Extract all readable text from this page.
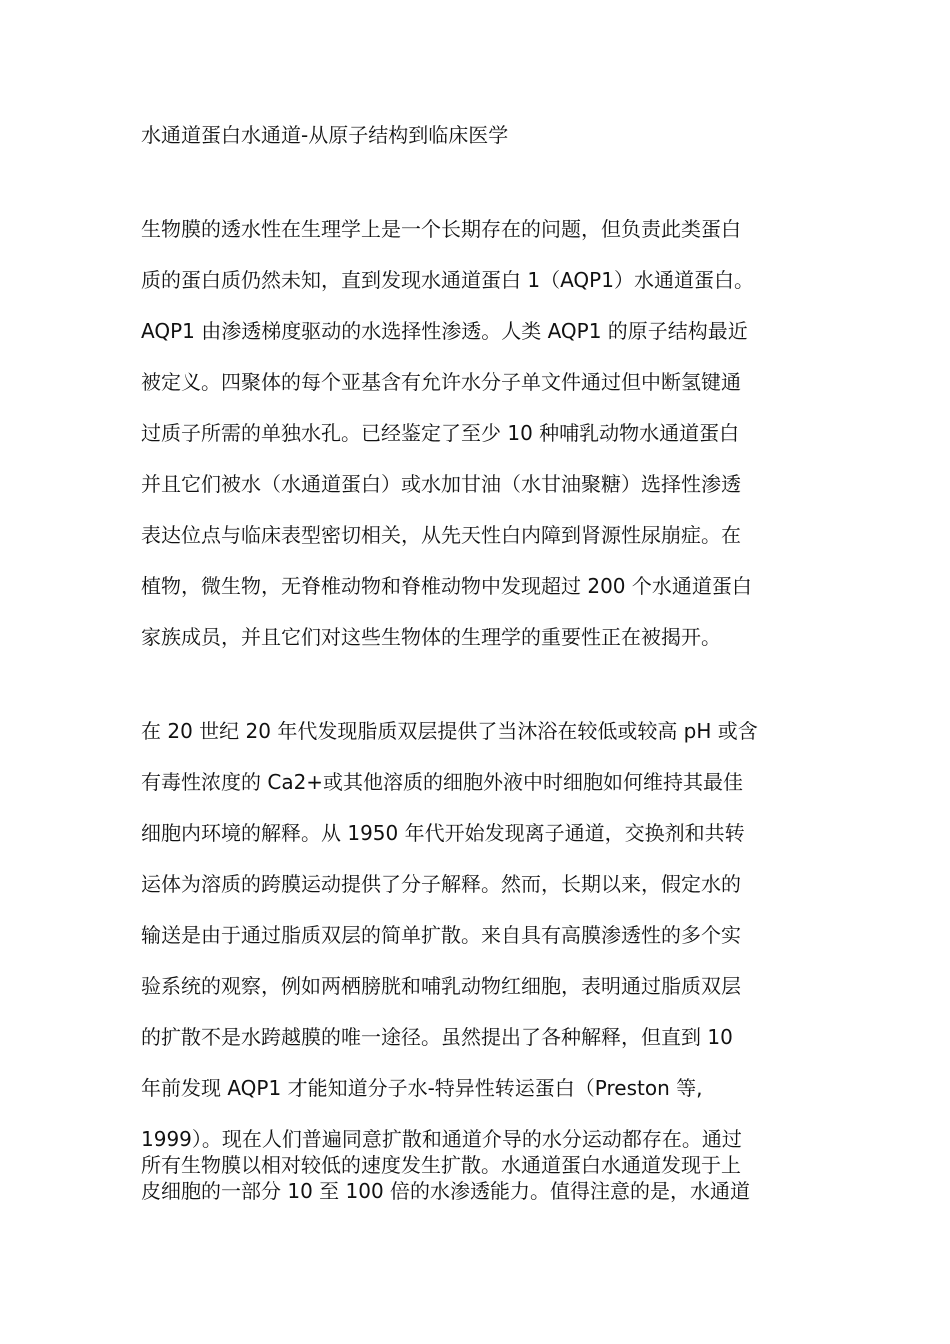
水通道蛋白水通道-从原子结构到临床医学
生物膜的透水性在生理学上是一个长期存在的问题，但负责此类蛋白
质的蛋白质仍然未知，直到发现水通道蛋白 1（AQP1）水通道蛋白。
AQP1 由渗透梯度驱动的水选择性渗透。人类 AQP1 的原子结构最近
被定义。四聚体的每个亚基含有允许水分子单文件通过但中断氢键通
过质子所需的单独水孔。已经鉴定了至少 10 种哺乳动物水通道蛋白
并且它们被水（水通道蛋白）或水加甘油（水甘油聚糖）选择性渗透
表达位点与临床表型密切相关，从先天性白内障到肾源性尿崩症。在
植物，微生物，无脊椎动物和脊椎动物中发现超过 200 个水通道蛋白
家族成员，并且它们对这些生物体的生理学的重要性正在被揭开。
在 20 世纪 20 年代发现脂质双层提供了当沐浴在较低或较高 pH 或含
有毒性浓度的 Ca2+或其他溶质的细胞外液中时细胞如何维持其最佳
细胞内环境的解释。从 1950 年代开始发现离子通道，交换剂和共转
运体为溶质的跨膜运动提供了分子解释。然而，长期以来，假定水的
输送是由于通过脂质双层的简单扩散。来自具有高膜渗透性的多个实
验系统的观察，例如两栖膀胱和哺乳动物红细胞，表明通过脂质双层
的扩散不是水跨越膜的唯一途径。虽然提出了各种解释，但直到 10
年前发现 AQP1 才能知道分子水-特异性转运蛋白（Preston 等,
1999）。现在人们普遍同意扩散和通道介导的水分运动都存在。通过
所有生物膜以相对较低的速度发生扩散。水通道蛋白水通道发现于上
皮细胞的一部分 10 至 100 倍的水渗透能力。值得注意的是，水通道
